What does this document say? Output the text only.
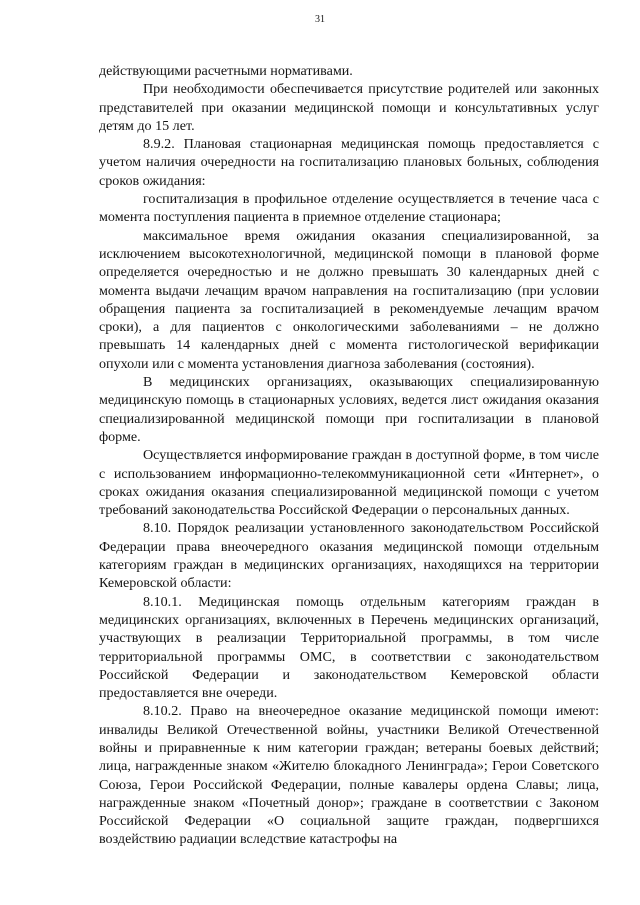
31

действующими расчетными нормативами.

При необходимости обеспечивается присутствие родителей или законных представителей при оказании медицинской помощи и консультативных услуг детям до 15 лет.

8.9.2. Плановая стационарная медицинская помощь предоставляется с учетом наличия очередности на госпитализацию плановых больных, соблюдения сроков ожидания:

госпитализация в профильное отделение осуществляется в течение часа с момента поступления пациента в приемное отделение стационара;

максимальное время ожидания оказания специализированной, за исключением высокотехнологичной, медицинской помощи в плановой форме определяется очередностью и не должно превышать 30 календарных дней с момента выдачи лечащим врачом направления на госпитализацию (при условии обращения пациента за госпитализацией в рекомендуемые лечащим врачом сроки), а для пациентов с онкологическими заболеваниями – не должно превышать 14 календарных дней с момента гистологической верификации опухоли или с момента установления диагноза заболевания (состояния).

В медицинских организациях, оказывающих специализированную медицинскую помощь в стационарных условиях, ведется лист ожидания оказания специализированной медицинской помощи при госпитализации в плановой форме.

Осуществляется информирование граждан в доступной форме, в том числе с использованием информационно-телекоммуникационной сети «Интернет», о сроках ожидания оказания специализированной медицинской помощи с учетом требований законодательства Российской Федерации о персональных данных.

8.10. Порядок реализации установленного законодательством Российской Федерации права внеочередного оказания медицинской помощи отдельным категориям граждан в медицинских организациях, находящихся на территории Кемеровской области:

8.10.1. Медицинская помощь отдельным категориям граждан в медицинских организациях, включенных в Перечень медицинских организаций, участвующих в реализации Территориальной программы, в том числе территориальной программы ОМС, в соответствии с законодательством Российской Федерации и законодательством Кемеровской области предоставляется вне очереди.

8.10.2. Право на внеочередное оказание медицинской помощи имеют: инвалиды Великой Отечественной войны, участники Великой Отечественной войны и приравненные к ним категории граждан; ветераны боевых действий; лица, награжденные знаком «Жителю блокадного Ленинграда»; Герои Советского Союза, Герои Российской Федерации, полные кавалеры ордена Славы; лица, награжденные знаком «Почетный донор»; граждане в соответствии с Законом Российской Федерации «О социальной защите граждан, подвергшихся воздействию радиации вследствие катастрофы на
